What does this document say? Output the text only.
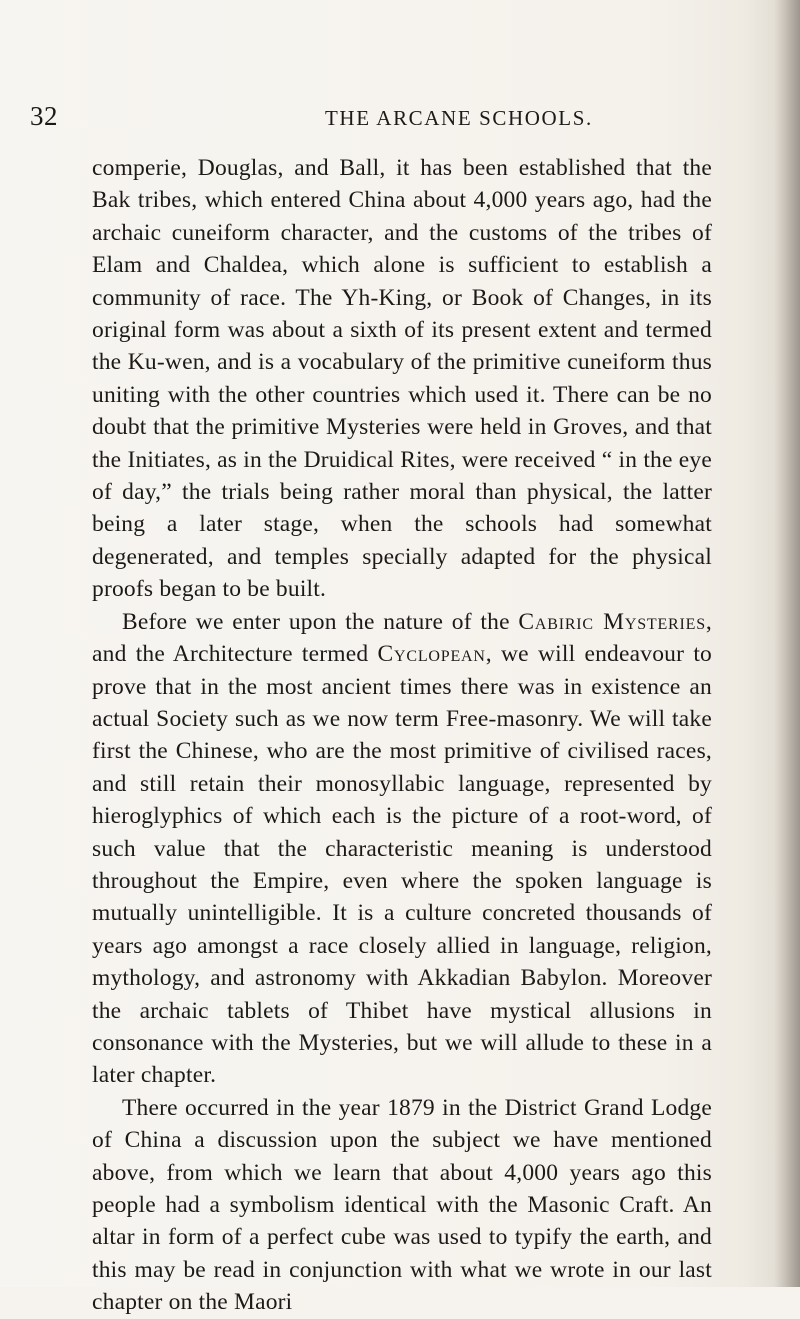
32	THE ARCANE SCHOOLS.

comperie, Douglas, and Ball, it has been established that the Bak tribes, which entered China about 4,000 years ago, had the archaic cuneiform character, and the customs of the tribes of Elam and Chaldea, which alone is sufficient to establish a community of race. The Yh-King, or Book of Changes, in its original form was about a sixth of its present extent and termed the Ku-wen, and is a vocabulary of the primitive cuneiform thus uniting with the other countries which used it. There can be no doubt that the primitive Mysteries were held in Groves, and that the Initiates, as in the Druidical Rites, were received “ in the eye of day,” the trials being rather moral than physical, the latter being a later stage, when the schools had somewhat degenerated, and temples specially adapted for the physical proofs began to be built.

Before we enter upon the nature of the Cabiric Mysteries, and the Architecture termed Cyclopean, we will endeavour to prove that in the most ancient times there was in existence an actual Society such as we now term Free-masonry. We will take first the Chinese, who are the most primitive of civilised races, and still retain their monosyllabic language, represented by hieroglyphics of which each is the picture of a root-word, of such value that the characteristic meaning is understood throughout the Empire, even where the spoken language is mutually unintelligible. It is a culture concreted thousands of years ago amongst a race closely allied in language, religion, mythology, and astronomy with Akkadian Babylon. Moreover the archaic tablets of Thibet have mystical allusions in consonance with the Mysteries, but we will allude to these in a later chapter.

There occurred in the year 1879 in the District Grand Lodge of China a discussion upon the subject we have mentioned above, from which we learn that about 4,000 years ago this people had a symbolism identical with the Masonic Craft. An altar in form of a perfect cube was used to typify the earth, and this may be read in conjunction with what we wrote in our last chapter on the Maori
